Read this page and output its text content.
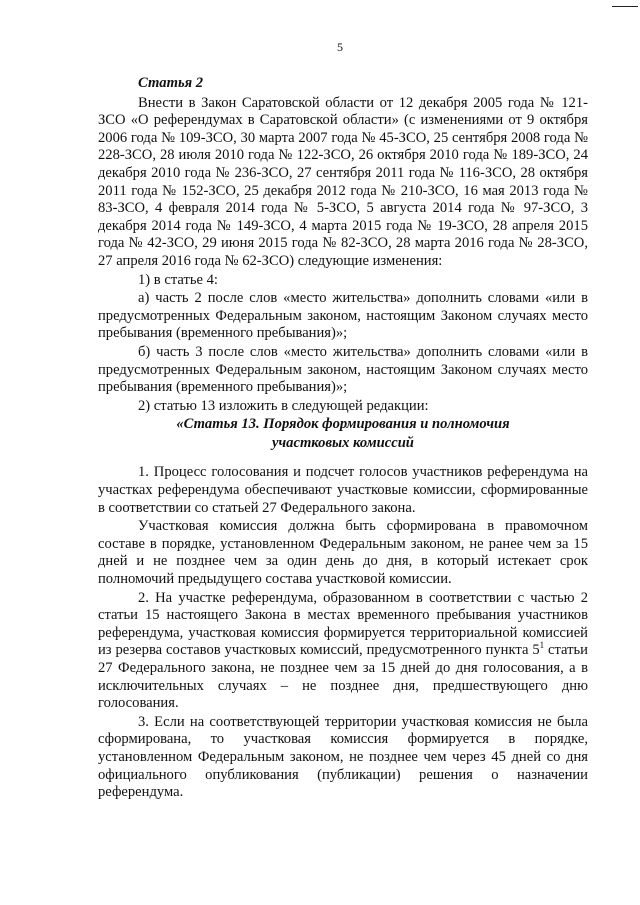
5
Статья 2

Внести в Закон Саратовской области от 12 декабря 2005 года № 121-ЗСО «О референдумах в Саратовской области» (с изменениями от 9 октября 2006 года № 109-ЗСО, 30 марта 2007 года № 45-ЗСО, 25 сентября 2008 года № 228-ЗСО, 28 июля 2010 года № 122-ЗСО, 26 октября 2010 года № 189-ЗСО, 24 декабря 2010 года № 236-ЗСО, 27 сентября 2011 года № 116-ЗСО, 28 октября 2011 года № 152-ЗСО, 25 декабря 2012 года № 210-ЗСО, 16 мая 2013 года № 83-ЗСО, 4 февраля 2014 года № 5-ЗСО, 5 августа 2014 года № 97-ЗСО, 3 декабря 2014 года № 149-ЗСО, 4 марта 2015 года № 19-ЗСО, 28 апреля 2015 года № 42-ЗСО, 29 июня 2015 года № 82-ЗСО, 28 марта 2016 года № 28-ЗСО, 27 апреля 2016 года № 62-ЗСО) следующие изменения:

1) в статье 4:

а) часть 2 после слов «место жительства» дополнить словами «или в предусмотренных Федеральным законом, настоящим Законом случаях место пребывания (временного пребывания)»;

б) часть 3 после слов «место жительства» дополнить словами «или в предусмотренных Федеральным законом, настоящим Законом случаях место пребывания (временного пребывания)»;

2) статью 13 изложить в следующей редакции:

«Статья 13. Порядок формирования и полномочия
участковых комиссий

1. Процесс голосования и подсчет голосов участников референдума на участках референдума обеспечивают участковые комиссии, сформированные в соответствии со статьей 27 Федерального закона.

Участковая комиссия должна быть сформирована в правомочном составе в порядке, установленном Федеральным законом, не ранее чем за 15 дней и не позднее чем за один день до дня, в который истекает срок полномочий предыдущего состава участковой комиссии.

2. На участке референдума, образованном в соответствии с частью 2 статьи 15 настоящего Закона в местах временного пребывания участников референдума, участковая комиссия формируется территориальной комиссией из резерва составов участковых комиссий, предусмотренного пункта $5^1$ статьи 27 Федерального закона, не позднее чем за 15 дней до дня голосования, а в исключительных случаях – не позднее дня, предшествующего дню голосования.

3. Если на соответствующей территории участковая комиссия не была сформирована, то участковая комиссия формируется в порядке, установленном Федеральным законом, не позднее чем через 45 дней со дня официального опубликования (публикации) решения о назначении референдума.
